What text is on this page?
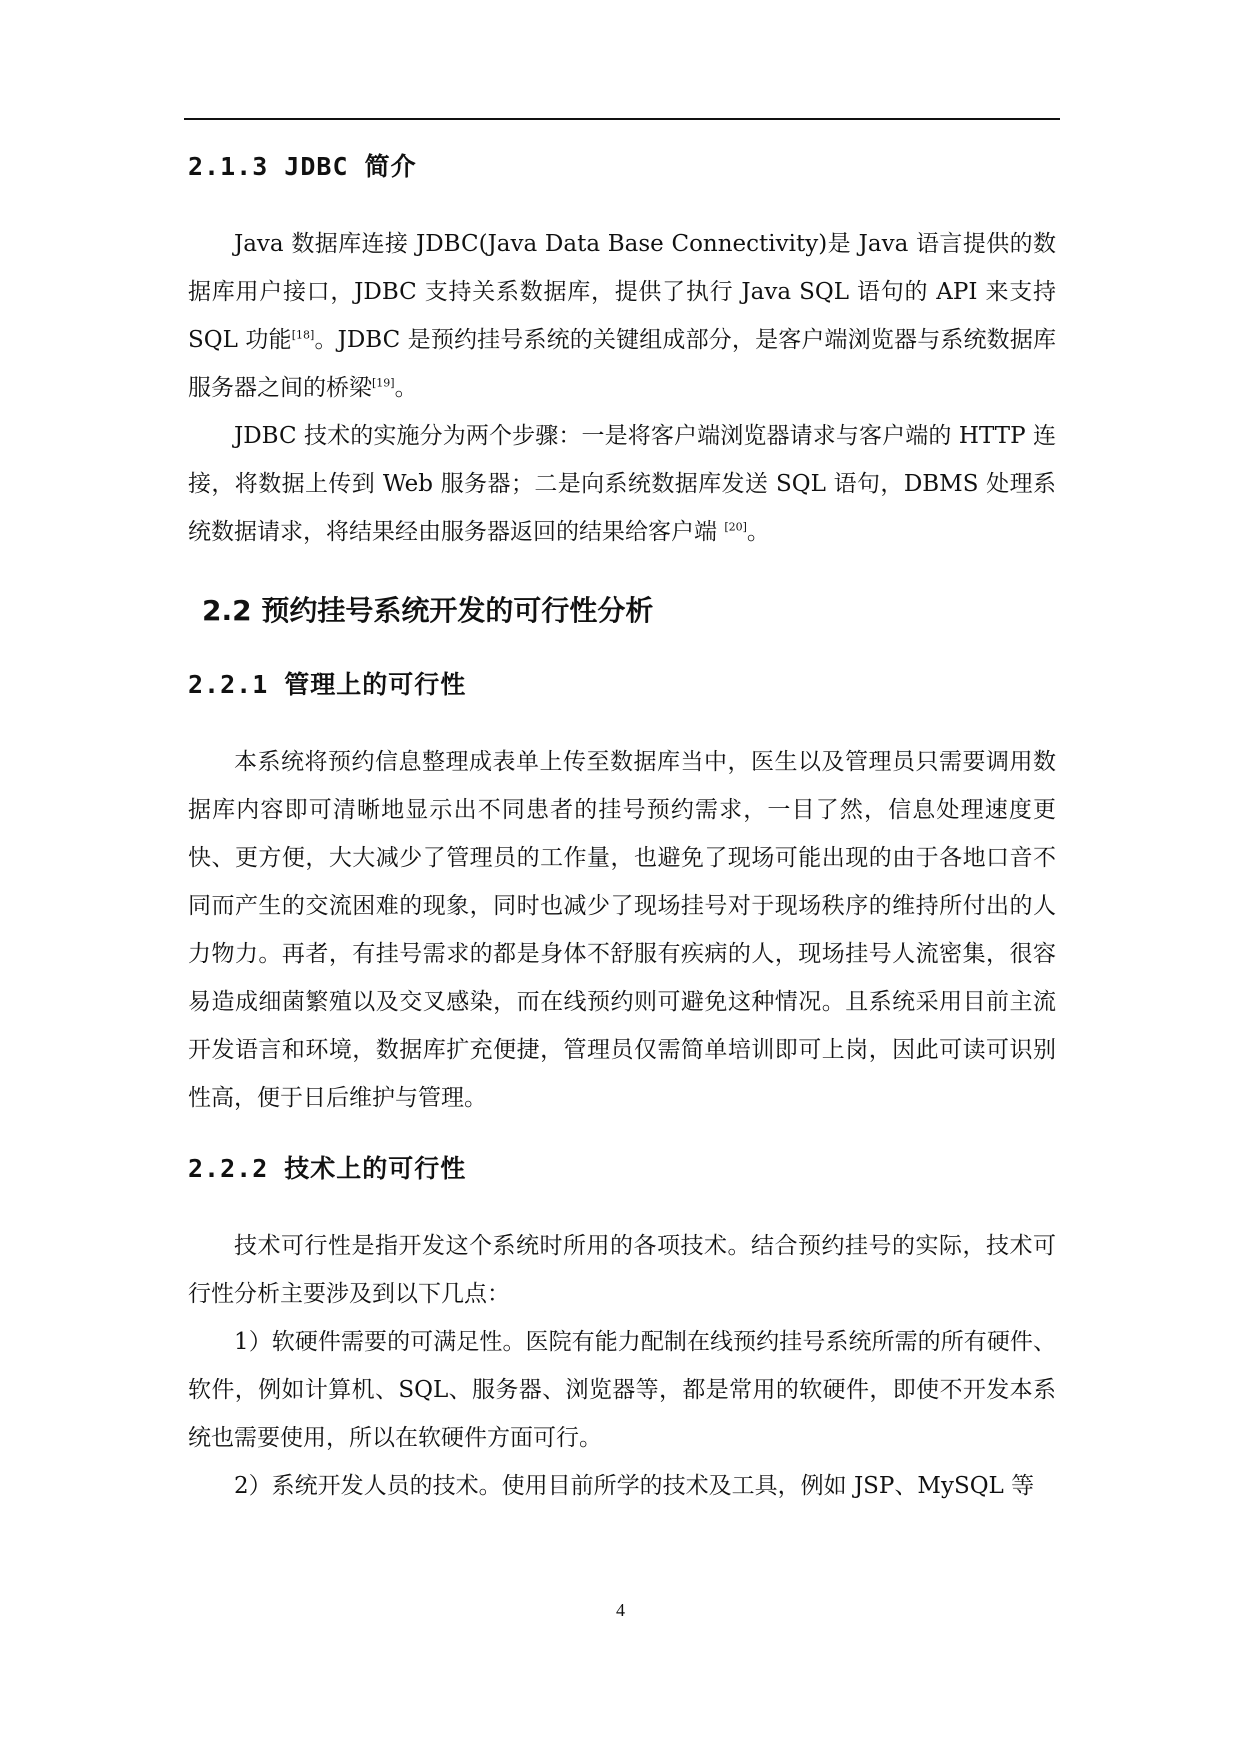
2.1.3 JDBC 简介

Java 数据库连接 JDBC(Java Data Base Connectivity)是 Java 语言提供的数据库用户接口，JDBC 支持关系数据库，提供了执行 Java SQL 语句的 API 来支持 SQL 功能[18]。JDBC 是预约挂号系统的关键组成部分，是客户端浏览器与系统数据库服务器之间的桥梁[19]。

JDBC 技术的实施分为两个步骤：一是将客户端浏览器请求与客户端的 HTTP 连接，将数据上传到 Web 服务器；二是向系统数据库发送 SQL 语句，DBMS 处理系统数据请求，将结果经由服务器返回的结果给客户端 [20]。

2.2 预约挂号系统开发的可行性分析
2.2.1 管理上的可行性

本系统将预约信息整理成表单上传至数据库当中，医生以及管理员只需要调用数据库内容即可清晰地显示出不同患者的挂号预约需求，一目了然，信息处理速度更快、更方便，大大减少了管理员的工作量，也避免了现场可能出现的由于各地口音不同而产生的交流困难的现象，同时也减少了现场挂号对于现场秩序的维持所付出的人力物力。再者，有挂号需求的都是身体不舒服有疾病的人，现场挂号人流密集，很容易造成细菌繁殖以及交叉感染，而在线预约则可避免这种情况。且系统采用目前主流开发语言和环境，数据库扩充便捷，管理员仅需简单培训即可上岗，因此可读可识别性高，便于日后维护与管理。

2.2.2 技术上的可行性

技术可行性是指开发这个系统时所用的各项技术。结合预约挂号的实际，技术可行性分析主要涉及到以下几点：

1）软硬件需要的可满足性。医院有能力配制在线预约挂号系统所需的所有硬件、软件，例如计算机、SQL、服务器、浏览器等，都是常用的软硬件，即使不开发本系统也需要使用，所以在软硬件方面可行。

2）系统开发人员的技术。使用目前所学的技术及工具，例如 JSP、MySQL 等

4
